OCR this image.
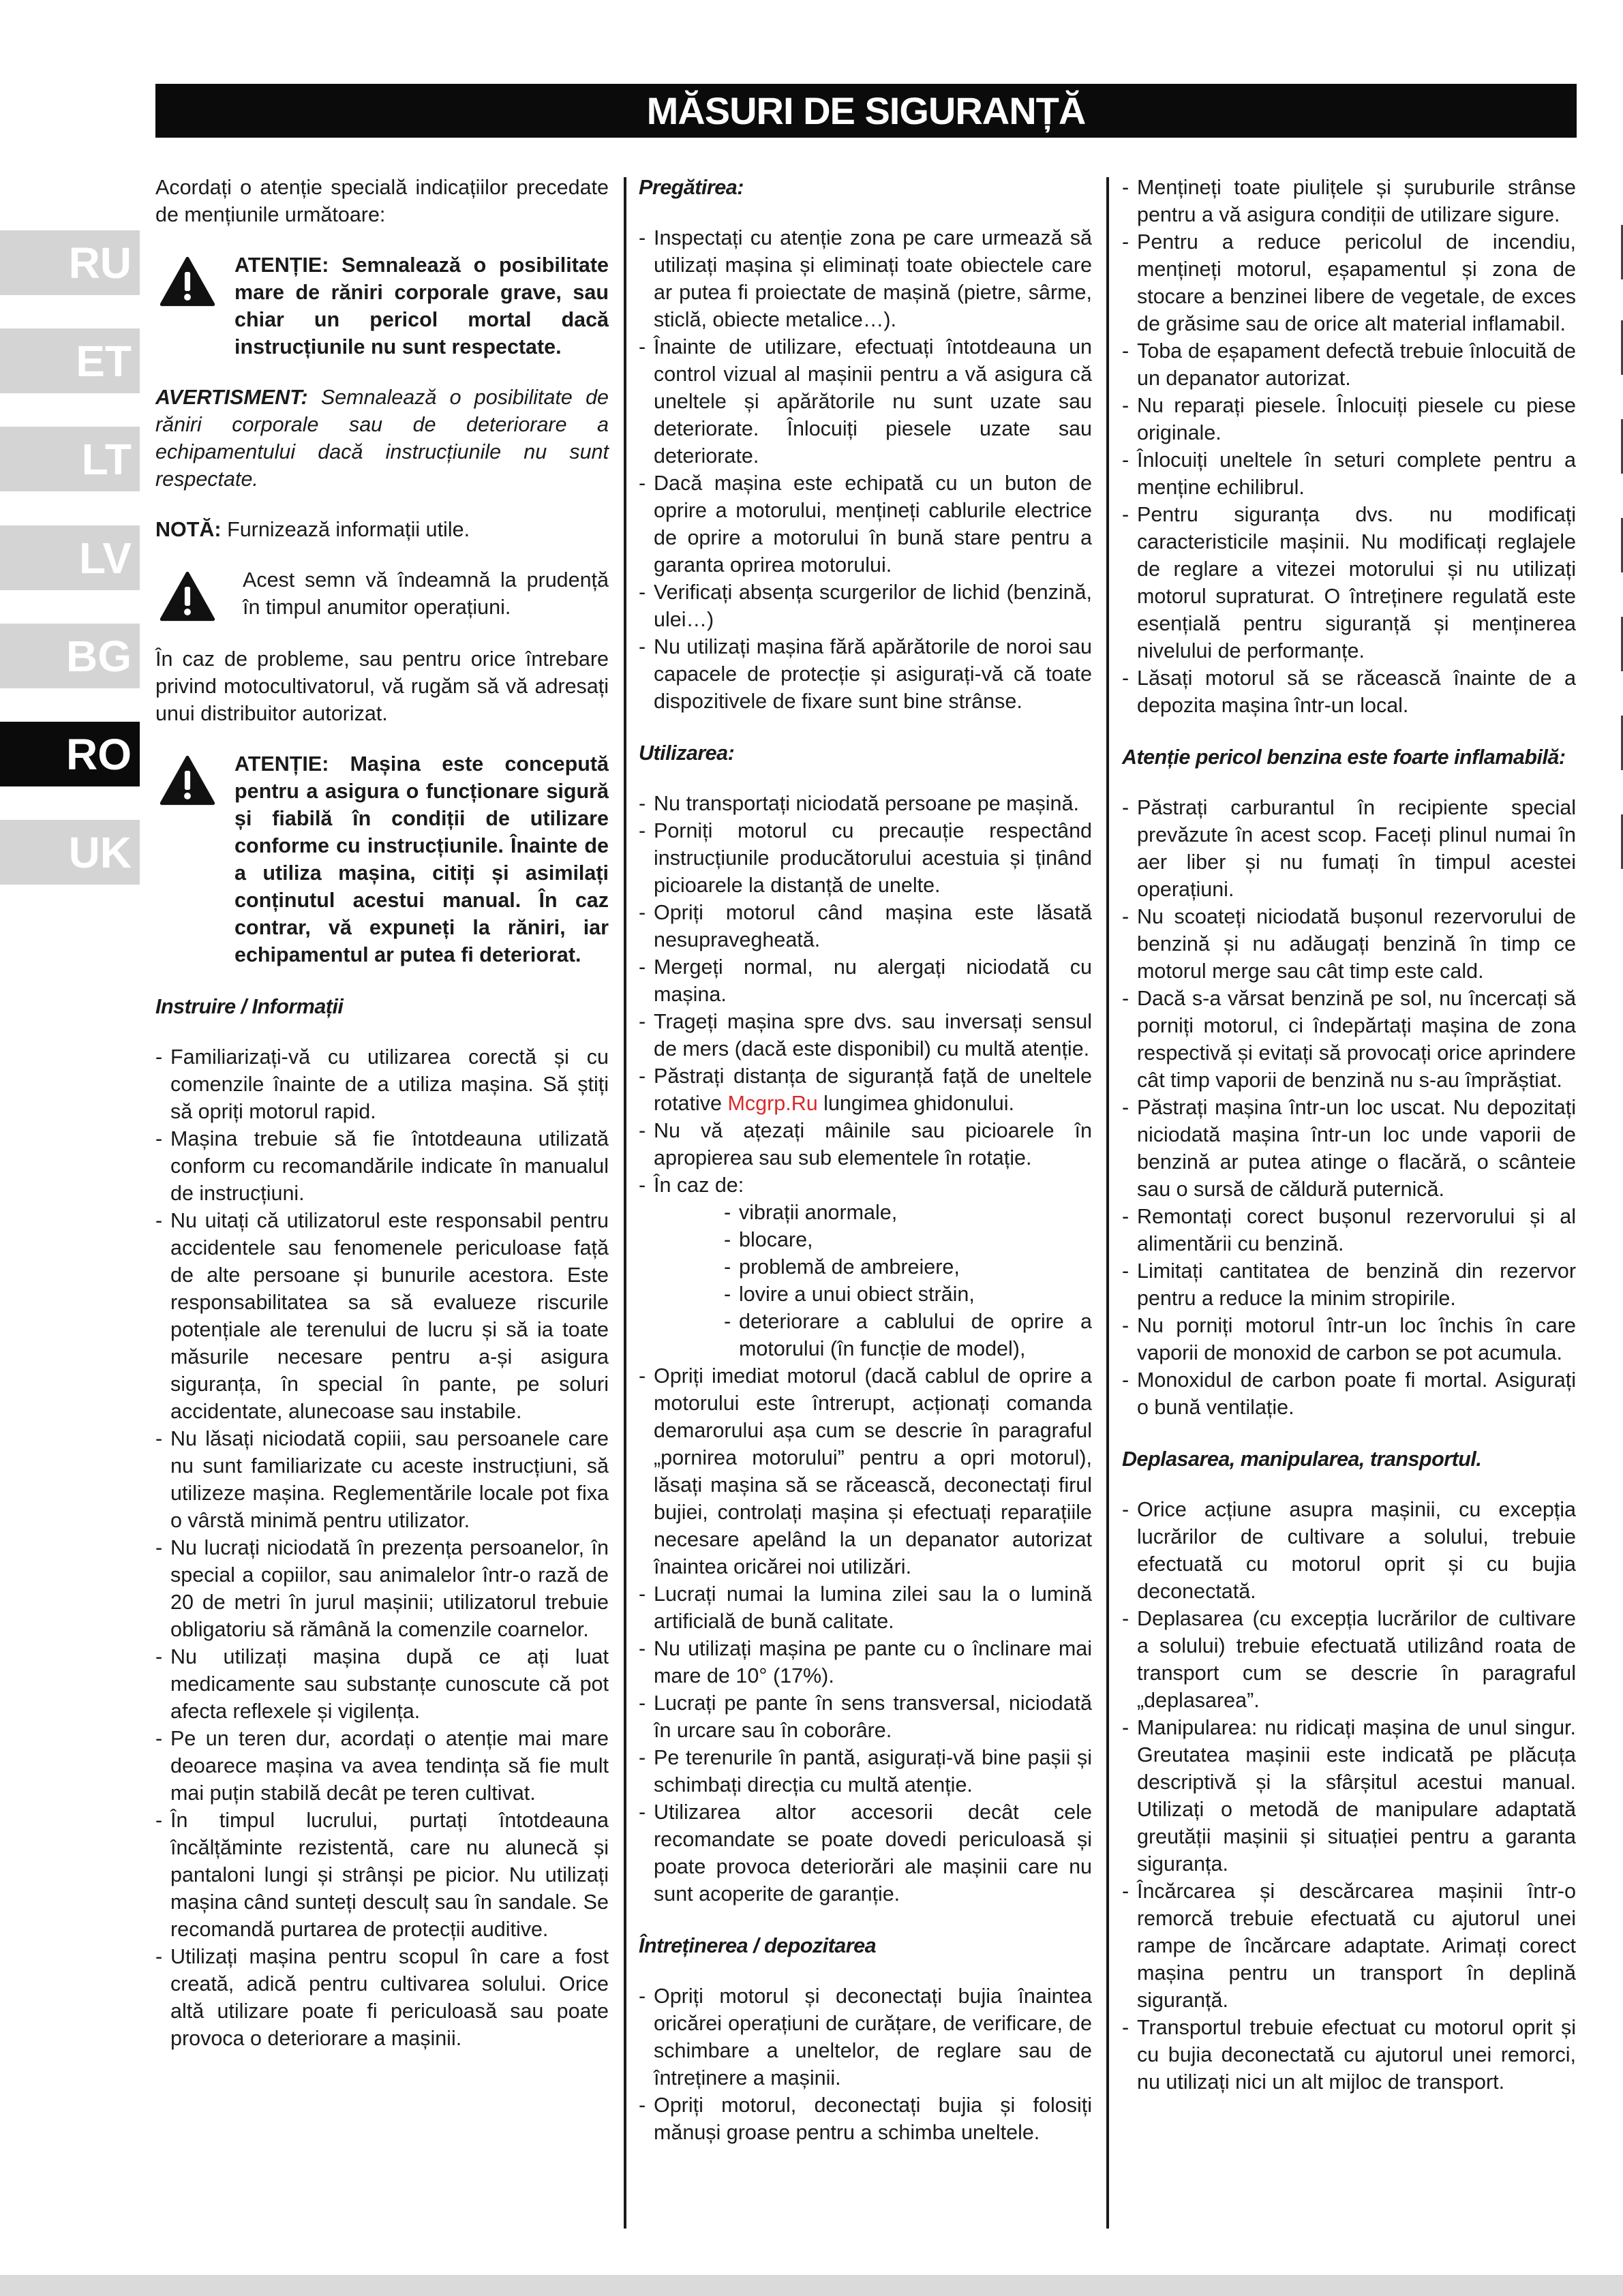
MĂSURI DE SIGURANȚĂ
RU
ET
LT
LV
BG
RO
UK

Acordați o atenție specială indicațiilor precedate de mențiunile următoare:

ATENȚIE: Semnalează o posibilitate mare de răniri corporale grave, sau chiar un pericol mortal dacă instrucțiunile nu sunt respectate.

AVERTISMENT: Semnalează o posibilitate de răniri corporale sau de deteriorare a echipamentului dacă instrucțiunile nu sunt respectate.

NOTĂ: Furnizează informații utile.

Acest semn vă îndeamnă la prudență în timpul anumitor operațiuni.

În caz de probleme, sau pentru orice întrebare privind motocultivatorul, vă rugăm să vă adresați unui distribuitor autorizat.

ATENȚIE: Mașina este concepută pentru a asigura o funcționare sigură și fiabilă în condiții de utilizare conforme cu instrucțiunile. Înainte de a utiliza mașina, citiți și asimilați conținutul acestui manual. În caz contrar, vă expuneți la răniri, iar echipamentul ar putea fi deteriorat.
Instruire / Informații
- Familiarizați-vă cu utilizarea corectă și cu comenzile înainte de a utiliza mașina. Să știți să opriți motorul rapid.
- Mașina trebuie să fie întotdeauna utilizată conform cu recomandările indicate în manualul de instrucțiuni.
- Nu uitați că utilizatorul este responsabil pentru accidentele sau fenomenele periculoase față de alte persoane și bunurile acestora. Este responsabilitatea sa să evalueze riscurile potențiale ale terenului de lucru și să ia toate măsurile necesare pentru a-și asigura siguranța, în special în pante, pe soluri accidentate, alunecoase sau instabile.
- Nu lăsați niciodată copiii, sau persoanele care nu sunt familiarizate cu aceste instrucțiuni, să utilizeze mașina. Reglementările locale pot fixa o vârstă minimă pentru utilizator.
- Nu lucrați niciodată în prezența persoanelor, în special a copiilor, sau animalelor într-o rază de 20 de metri în jurul mașinii; utilizatorul trebuie obligatoriu să rămână la comenzile coarnelor.
- Nu utilizați mașina după ce ați luat medicamente sau substanțe cunoscute că pot afecta reflexele și vigilența.
- Pe un teren dur, acordați o atenție mai mare deoarece mașina va avea tendința să fie mult mai puțin stabilă decât pe teren cultivat.
- În timpul lucrului, purtați întotdeauna încălțăminte rezistentă, care nu alunecă și pantaloni lungi și strânși pe picior. Nu utilizați mașina când sunteți desculț sau în sandale. Se recomandă purtarea de protecții auditive.
- Utilizați mașina pentru scopul în care a fost creată, adică pentru cultivarea solului. Orice altă utilizare poate fi periculoasă sau poate provoca o deteriorare a mașinii.
Pregătirea:
- Inspectați cu atenție zona pe care urmează să utilizați mașina și eliminați toate obiectele care ar putea fi proiectate de mașină (pietre, sârme, sticlă, obiecte metalice…).
- Înainte de utilizare, efectuați întotdeauna un control vizual al mașinii pentru a vă asigura că uneltele și apărătorile nu sunt uzate sau deteriorate. Înlocuiți piesele uzate sau deteriorate.
- Dacă mașina este echipată cu un buton de oprire a motorului, mențineți cablurile electrice de oprire a motorului în bună stare pentru a garanta oprirea motorului.
- Verificați absența scurgerilor de lichid (benzină, ulei…)
- Nu utilizați mașina fără apărătorile de noroi sau capacele de protecție și asigurați-vă că toate dispozitivele de fixare sunt bine strânse.
Utilizarea:
- Nu transportați niciodată persoane pe mașină.
- Porniți motorul cu precauție respectând instrucțiunile producătorului acestuia și ținând picioarele la distanță de unelte.
- Opriți motorul când mașina este lăsată nesupravegheată.
- Mergeți normal, nu alergați niciodată cu mașina.
- Trageți mașina spre dvs. sau inversați sensul de mers (dacă este disponibil) cu multă atenție.
- Păstrați distanța de siguranță față de uneltele rotative Mcgrp.Ru lungimea ghidonului.
- Nu vă ațezați mâinile sau picioarele în apropierea sau sub elementele în rotație.
- În caz de:
- vibrații anormale,
- blocare,
- problemă de ambreiere,
- lovire a unui obiect străin,
- deteriorare a cablului de oprire a motorului (în funcție de model),
- Opriți imediat motorul (dacă cablul de oprire a motorului este întrerupt, acționați comanda demarorului așa cum se descrie în paragraful „pornirea motorului” pentru a opri motorul), lăsați mașina să se răcească, deconectați firul bujiei, controlați mașina și efectuați reparațiile necesare apelând la un depanator autorizat înaintea oricărei noi utilizări.
- Lucrați numai la lumina zilei sau la o lumină artificială de bună calitate.
- Nu utilizați mașina pe pante cu o înclinare mai mare de 10° (17%).
- Lucrați pe pante în sens transversal, niciodată în urcare sau în coborâre.
- Pe terenurile în pantă, asigurați-vă bine pașii și schimbați direcția cu multă atenție.
- Utilizarea altor accesorii decât cele recomandate se poate dovedi periculoasă și poate provoca deteriorări ale mașinii care nu sunt acoperite de garanție.
Întreținerea / depozitarea
- Opriți motorul și deconectați bujia înaintea oricărei operațiuni de curățare, de verificare, de schimbare a uneltelor, de reglare sau de întreținere a mașinii.
- Opriți motorul, deconectați bujia și folosiți mănuși groase pentru a schimba uneltele.
- Mențineți toate piulițele și șuruburile strânse pentru a vă asigura condiții de utilizare sigure.
- Pentru a reduce pericolul de incendiu, mențineți motorul, eșapamentul și zona de stocare a benzinei libere de vegetale, de exces de grăsime sau de orice alt material inflamabil.
- Toba de eșapament defectă trebuie înlocuită de un depanator autorizat.
- Nu reparați piesele. Înlocuiți piesele cu piese originale.
- Înlocuiți uneltele în seturi complete pentru a menține echilibrul.
- Pentru siguranța dvs. nu modificați caracteristicile mașinii. Nu modificați reglajele de reglare a vitezei motorului și nu utilizați motorul supraturat. O întreținere regulată este esențială pentru siguranță și menținerea nivelului de performanțe.
- Lăsați motorul să se răcească înainte de a depozita mașina într-un local.
Atenție pericol benzina este foarte inflamabilă:
- Păstrați carburantul în recipiente special prevăzute în acest scop. Faceți plinul numai în aer liber și nu fumați în timpul acestei operațiuni.
- Nu scoateți niciodată bușonul rezervorului de benzină și nu adăugați benzină în timp ce motorul merge sau cât timp este cald.
- Dacă s-a vărsat benzină pe sol, nu încercați să porniți motorul, ci îndepărtați mașina de zona respectivă și evitați să provocați orice aprindere cât timp vaporii de benzină nu s-au împrăștiat.
- Păstrați mașina într-un loc uscat. Nu depozitați niciodată mașina într-un loc unde vaporii de benzină ar putea atinge o flacără, o scânteie sau o sursă de căldură puternică.
- Remontați corect bușonul rezervorului și al alimentării cu benzină.
- Limitați cantitatea de benzină din rezervor pentru a reduce la minim stropirile.
- Nu porniți motorul într-un loc închis în care vaporii de monoxid de carbon se pot acumula.
- Monoxidul de carbon poate fi mortal. Asigurați o bună ventilație.
Deplasarea, manipularea, transportul.
- Orice acțiune asupra mașinii, cu excepția lucrărilor de cultivare a solului, trebuie efectuată cu motorul oprit și cu bujia deconectată.
- Deplasarea (cu excepția lucrărilor de cultivare a solului) trebuie efectuată utilizând roata de transport cum se descrie în paragraful „deplasarea”.
- Manipularea: nu ridicați mașina de unul singur. Greutatea mașinii este indicată pe plăcuța descriptivă și la sfârșitul acestui manual. Utilizați o metodă de manipulare adaptată greutății mașinii și situației pentru a garanta siguranța.
- Încărcarea și descărcarea mașinii într-o remorcă trebuie efectuată cu ajutorul unei rampe de încărcare adaptate. Arimați corect mașina pentru un transport în deplină siguranță.
- Transportul trebuie efectuat cu motorul oprit și cu bujia deconectată cu ajutorul unei remorci, nu utilizați nici un alt mijloc de transport.
